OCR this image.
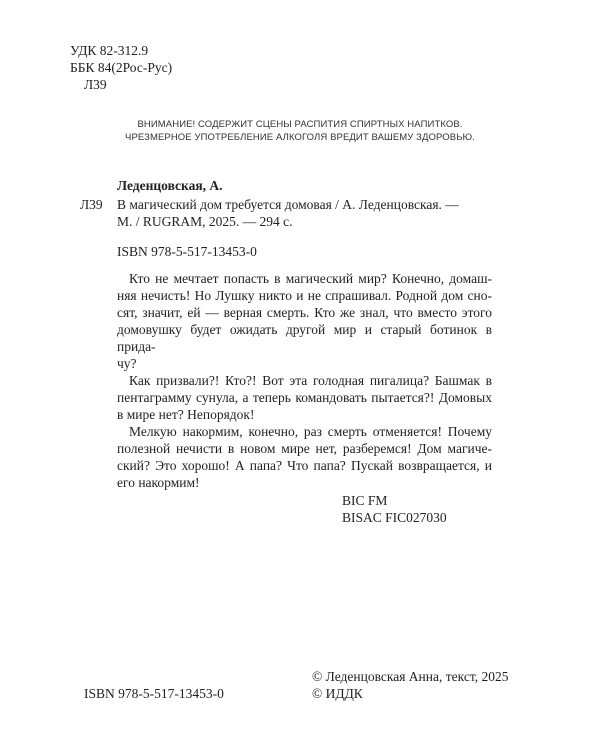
УДК 82-312.9
ББК 84(2Рос-Рус)
Л39
ВНИМАНИЕ! СОДЕРЖИТ СЦЕНЫ РАСПИТИЯ СПИРТНЫХ НАПИТКОВ.
ЧРЕЗМЕРНОЕ УПОТРЕБЛЕНИЕ АЛКОГОЛЯ ВРЕДИТ ВАШЕМУ ЗДОРОВЬЮ.
Леденцовская, А.
Л39 В магический дом требуется домовая / А. Леденцовская. —
М. / RUGRAM, 2025. — 294 с.
ISBN 978-5-517-13453-0

Кто не мечтает попасть в магический мир? Конечно, домаш-
няя нечисть! Но Лушку никто и не спрашивал. Родной дом сно-
сят, значит, ей — верная смерть. Кто же знал, что вместо этого
домовушку будет ожидать другой мир и старый ботинок в прида-
чу?

Как призвали?! Кто?! Вот эта голодная пигалица? Башмак в
пентаграмму сунула, а теперь командовать пытается?! Домовых
в мире нет? Непорядок!

Мелкую накормим, конечно, раз смерть отменяется! Почему
полезной нечисти в новом мире нет, разберемся! Дом магиче-
ский? Это хорошо! А папа? Что папа? Пускай возвращается, и
его накормим!

BIC FM
BISAC FIC027030
ISBN 978-5-517-13453-0
© Леденцовская Анна, текст, 2025
© ИДДК
